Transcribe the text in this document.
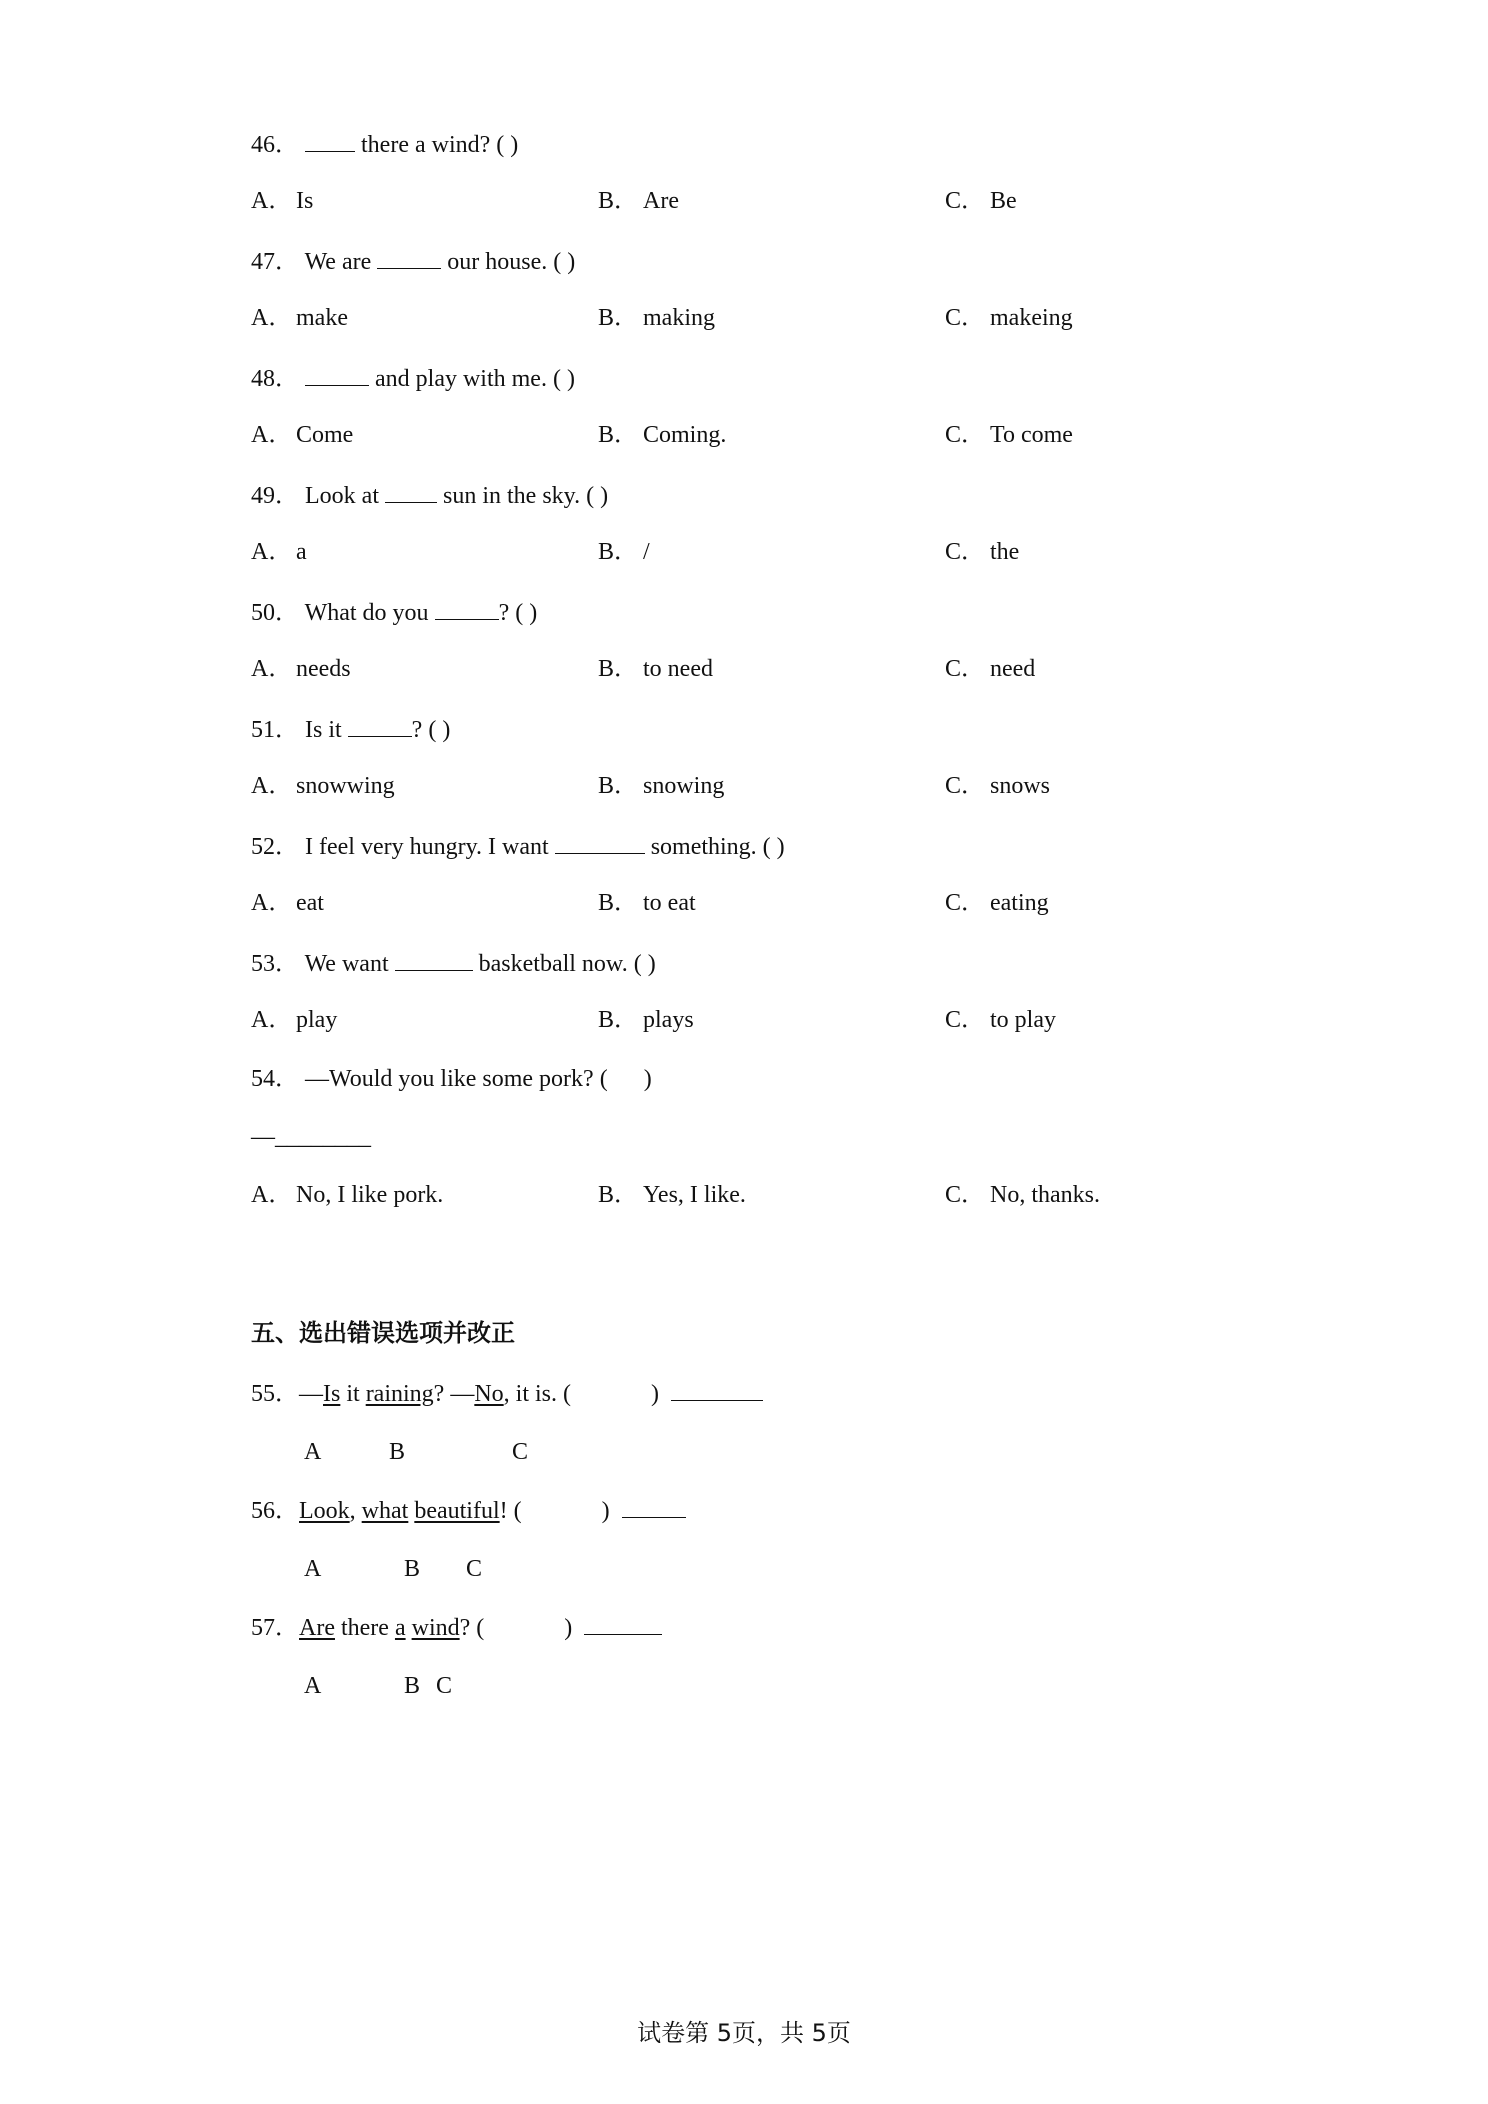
46．	there a wind? ( )
A． Is	B． Are	C． Be
47． We are	our house. ( )
A． make	B． making	C． makeing
48．	and play with me. ( )
A． Come	B． Coming.	C． To come
49． Look at	sun in the sky. ( )
A． a	B． /	C． the
50． What do you	? ( )
A． needs	B． to need	C． need
51． Is it	? ( )
A． snowwing	B． snowing	C． snows
52． I feel very hungry. I want	something. ( )
A． eat	B． to eat	C． eating
53． We want	basketball now. ( )
A． play	B． plays	C． to play
54． —Would you like some pork? (      )
—________
A． No, I like pork.	B． Yes, I like.	C． No, thanks.
五、选出错误选项并改正
55．—Is it raining? —No, it is. (	)
A	B	C
56．Look, what beautiful! (	)
A	B C
57．Are there a wind? (	)
A	B C
试卷第 5页，共 5页
